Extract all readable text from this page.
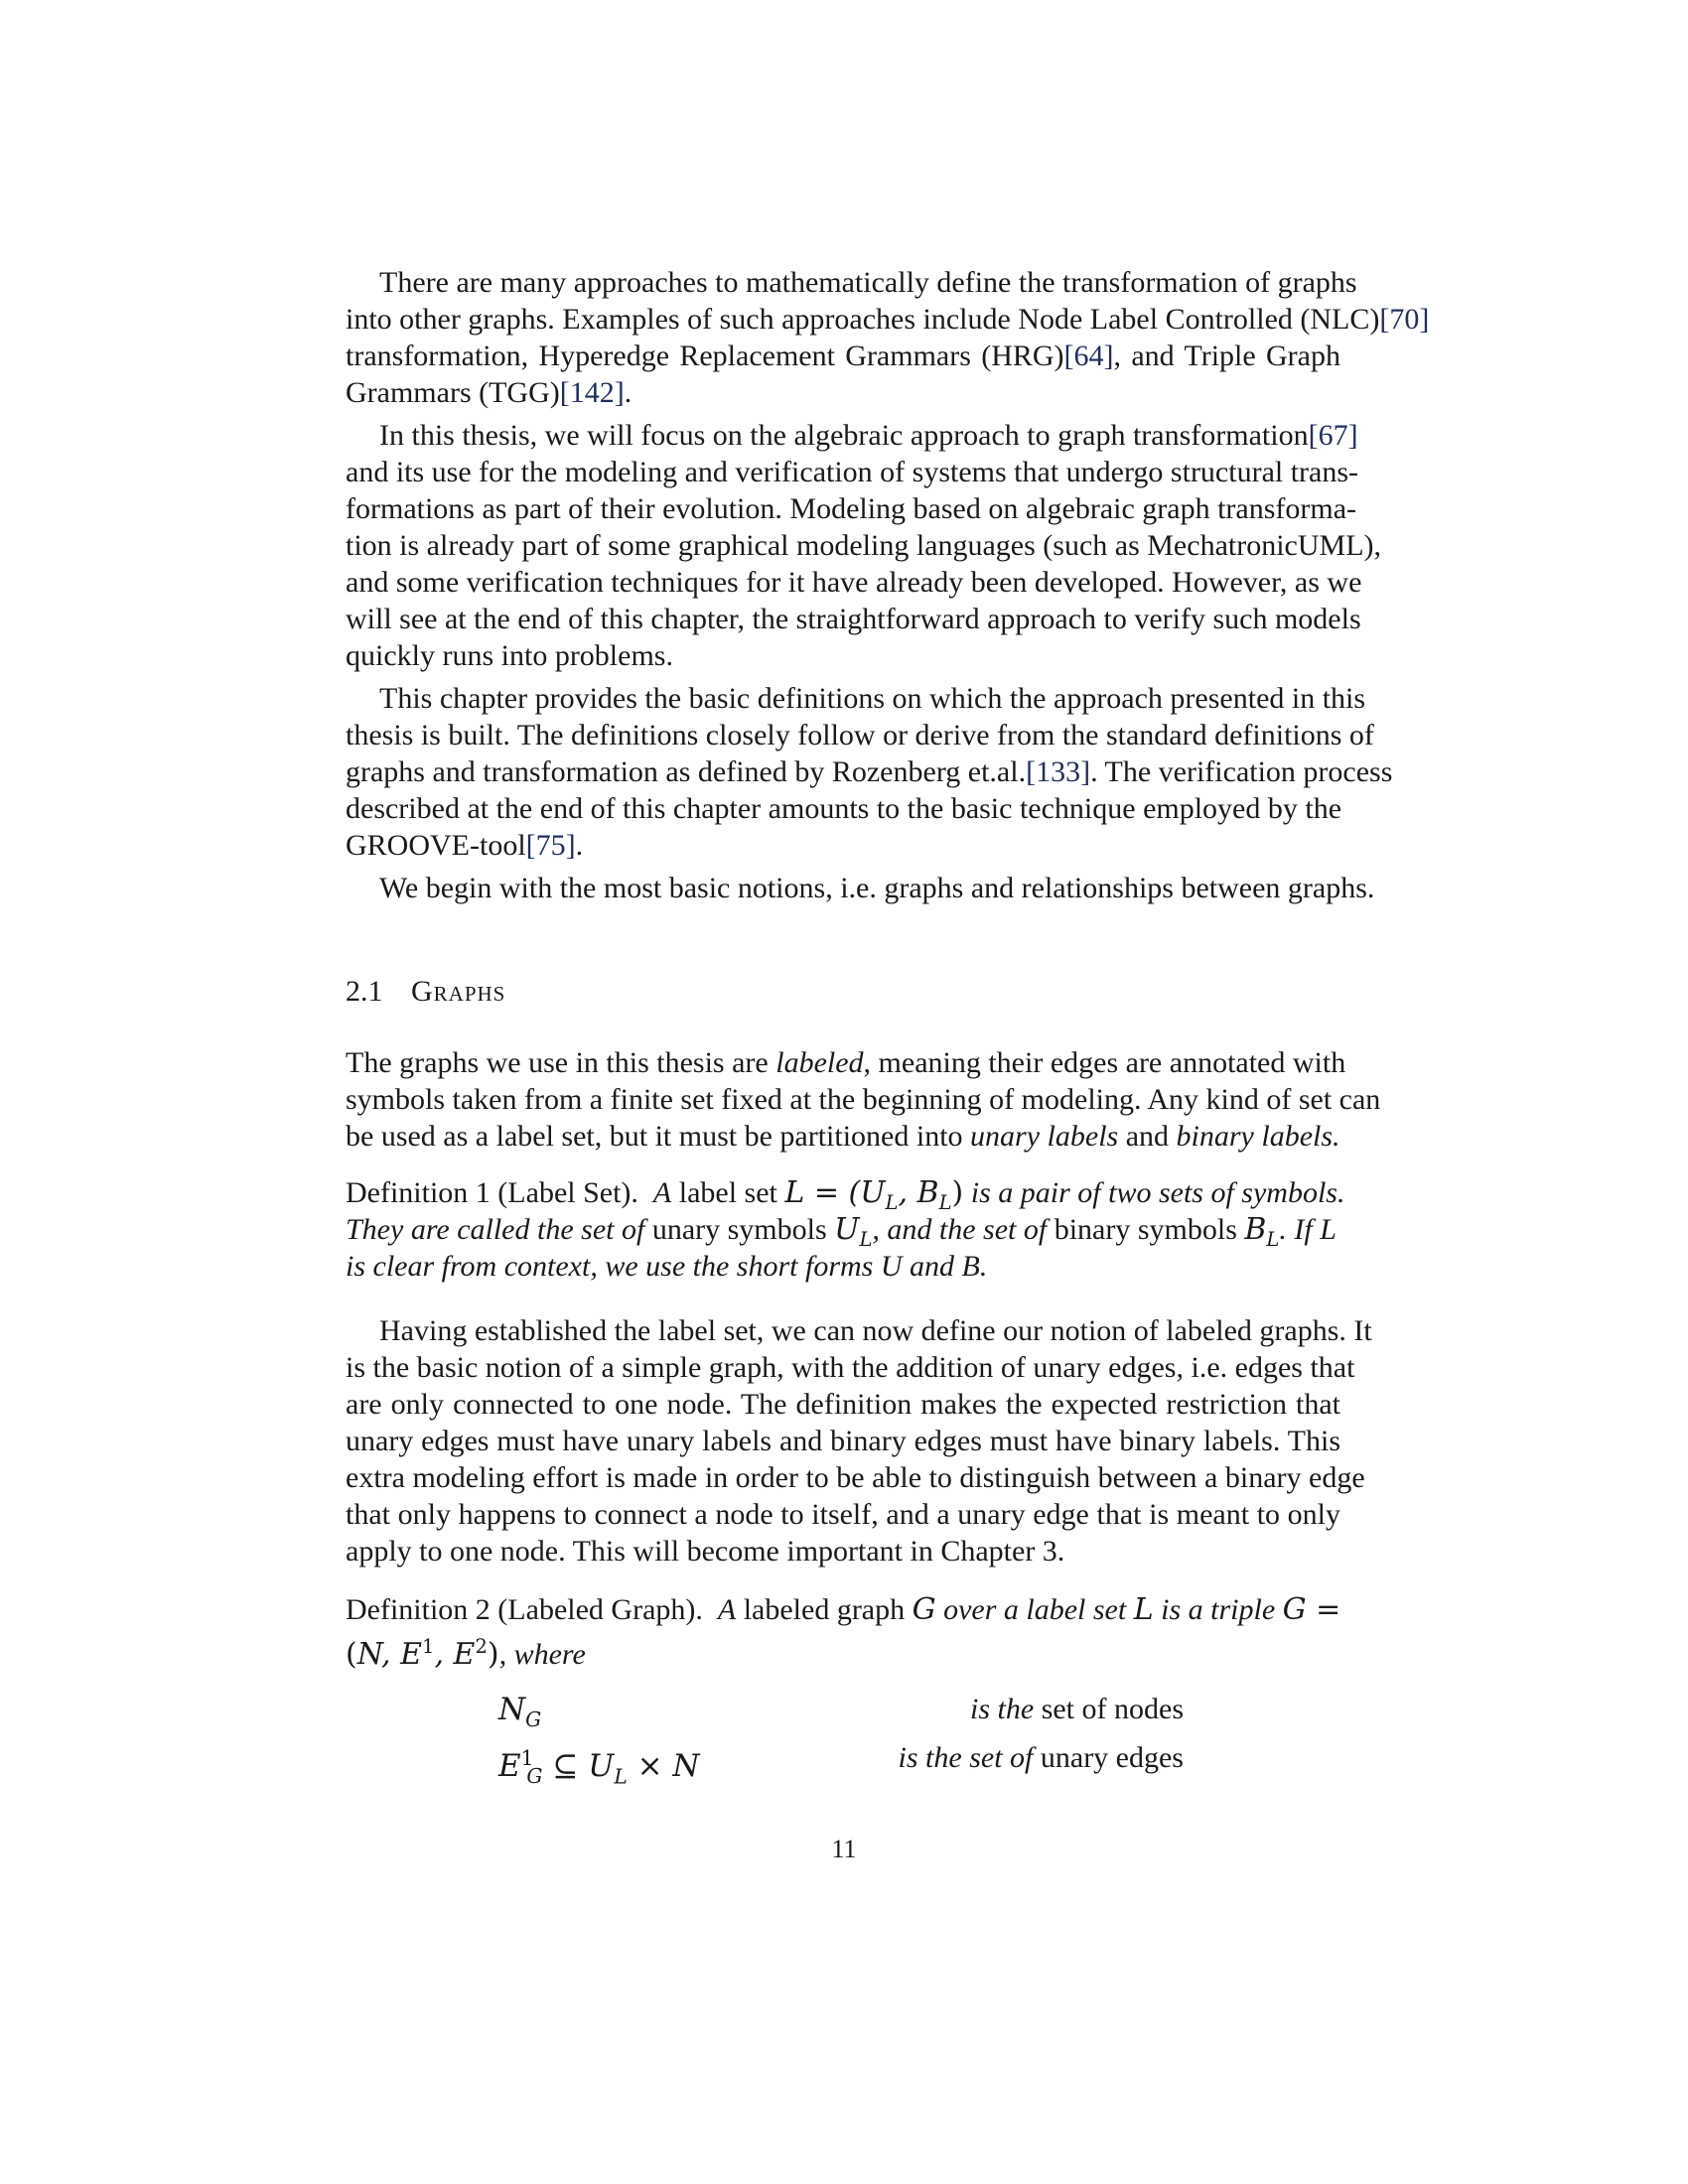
There are many approaches to mathematically define the transformation of graphs
into other graphs. Examples of such approaches include Node Label Controlled (NLC)[70]
transformation, Hyperedge Replacement Grammars (HRG)[64], and Triple Graph
Grammars (TGG)[142].
In this thesis, we will focus on the algebraic approach to graph transformation[67]
and its use for the modeling and verification of systems that undergo structural trans-
formations as part of their evolution. Modeling based on algebraic graph transforma-
tion is already part of some graphical modeling languages (such as MechatronicUML),
and some verification techniques for it have already been developed. However, as we
will see at the end of this chapter, the straightforward approach to verify such models
quickly runs into problems.
This chapter provides the basic definitions on which the approach presented in this
thesis is built. The definitions closely follow or derive from the standard definitions of
graphs and transformation as defined by Rozenberg et.al.[133]. The verification process
described at the end of this chapter amounts to the basic technique employed by the
GROOVE-tool[75].
We begin with the most basic notions, i.e. graphs and relationships between graphs.
2.1 Graphs
The graphs we use in this thesis are labeled, meaning their edges are annotated with
symbols taken from a finite set fixed at the beginning of modeling. Any kind of set can
be used as a label set, but it must be partitioned into unary labels and binary labels.
Definition 1 (Label Set). A label set $L = (U_L$, $B_L$) is a pair of two sets of symbols.
They are called the set of unary symbols $U_L$, and the set of binary symbols $B_L$. If L
is clear from context, we use the short forms U and B.
Having established the label set, we can now define our notion of labeled graphs. It
is the basic notion of a simple graph, with the addition of unary edges, i.e. edges that
are only connected to one node. The definition makes the expected restriction that
unary edges must have unary labels and binary edges must have binary labels. This
extra modeling effort is made in order to be able to distinguish between a binary edge
that only happens to connect a node to itself, and a unary edge that is meant to only
apply to one node. This will become important in Chapter 3.
Definition 2 (Labeled Graph). A labeled graph G over a label set L is a triple G =
(N, $E^1$, $E^2$), where
$N_G$	is the set of nodes
$E^1_G$ ⊆ $U_L \times N$	is the set of unary edges
11
